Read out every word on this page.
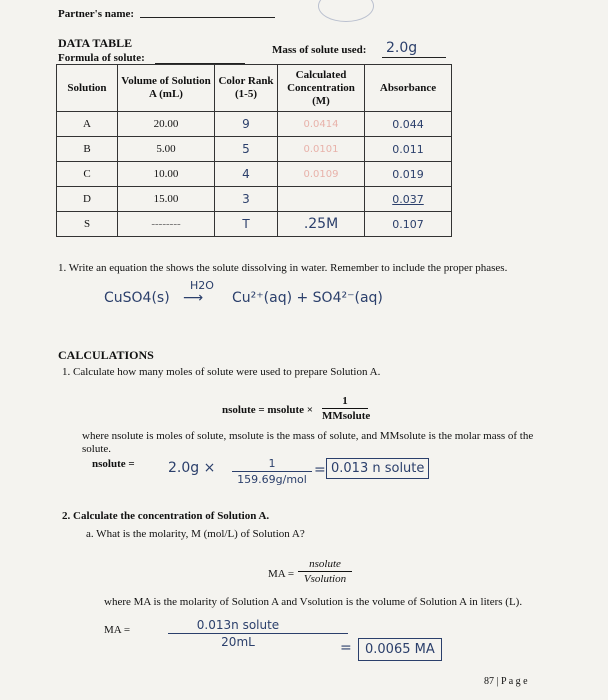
Partner's name:
DATA TABLE
Formula of solute:
Mass of solute used: 2.0g
Solution	Volume of Solution A (mL)	Color Rank (1-5)	Calculated Concentration (M)	Absorbance
A	20.00	9	0.0414	0.044
B	5.00	5	0.0101	0.011
C	10.00	4	0.0109	0.019
D	15.00	3		0.037
S	--------	T	.25M	0.107
1. Write an equation the shows the solute dissolving in water. Remember to include the proper phases.
CuSO4(s)
H2O
⟶ Cu²⁺(aq) + SO4²⁻(aq)
CALCULATIONS
1. Calculate how many moles of solute were used to prepare Solution A.
nsolute = msolute ×
1
MMsolute
where nsolute is moles of solute, msolute is the mass of solute, and MMsolute is the molar mass of the solute.
nsolute = 2.0g ×	1
159.69g/mol
= 0.013 n solute
2. Calculate the concentration of Solution A.
a. What is the molarity, M (mol/L) of Solution A?
MA =
nsolute
Vsolution
where MA is the molarity of Solution A and Vsolution is the volume of Solution A in liters (L).
MA =	0.013n solute
20mL	=	0.0065 MA
87 | P a g e
